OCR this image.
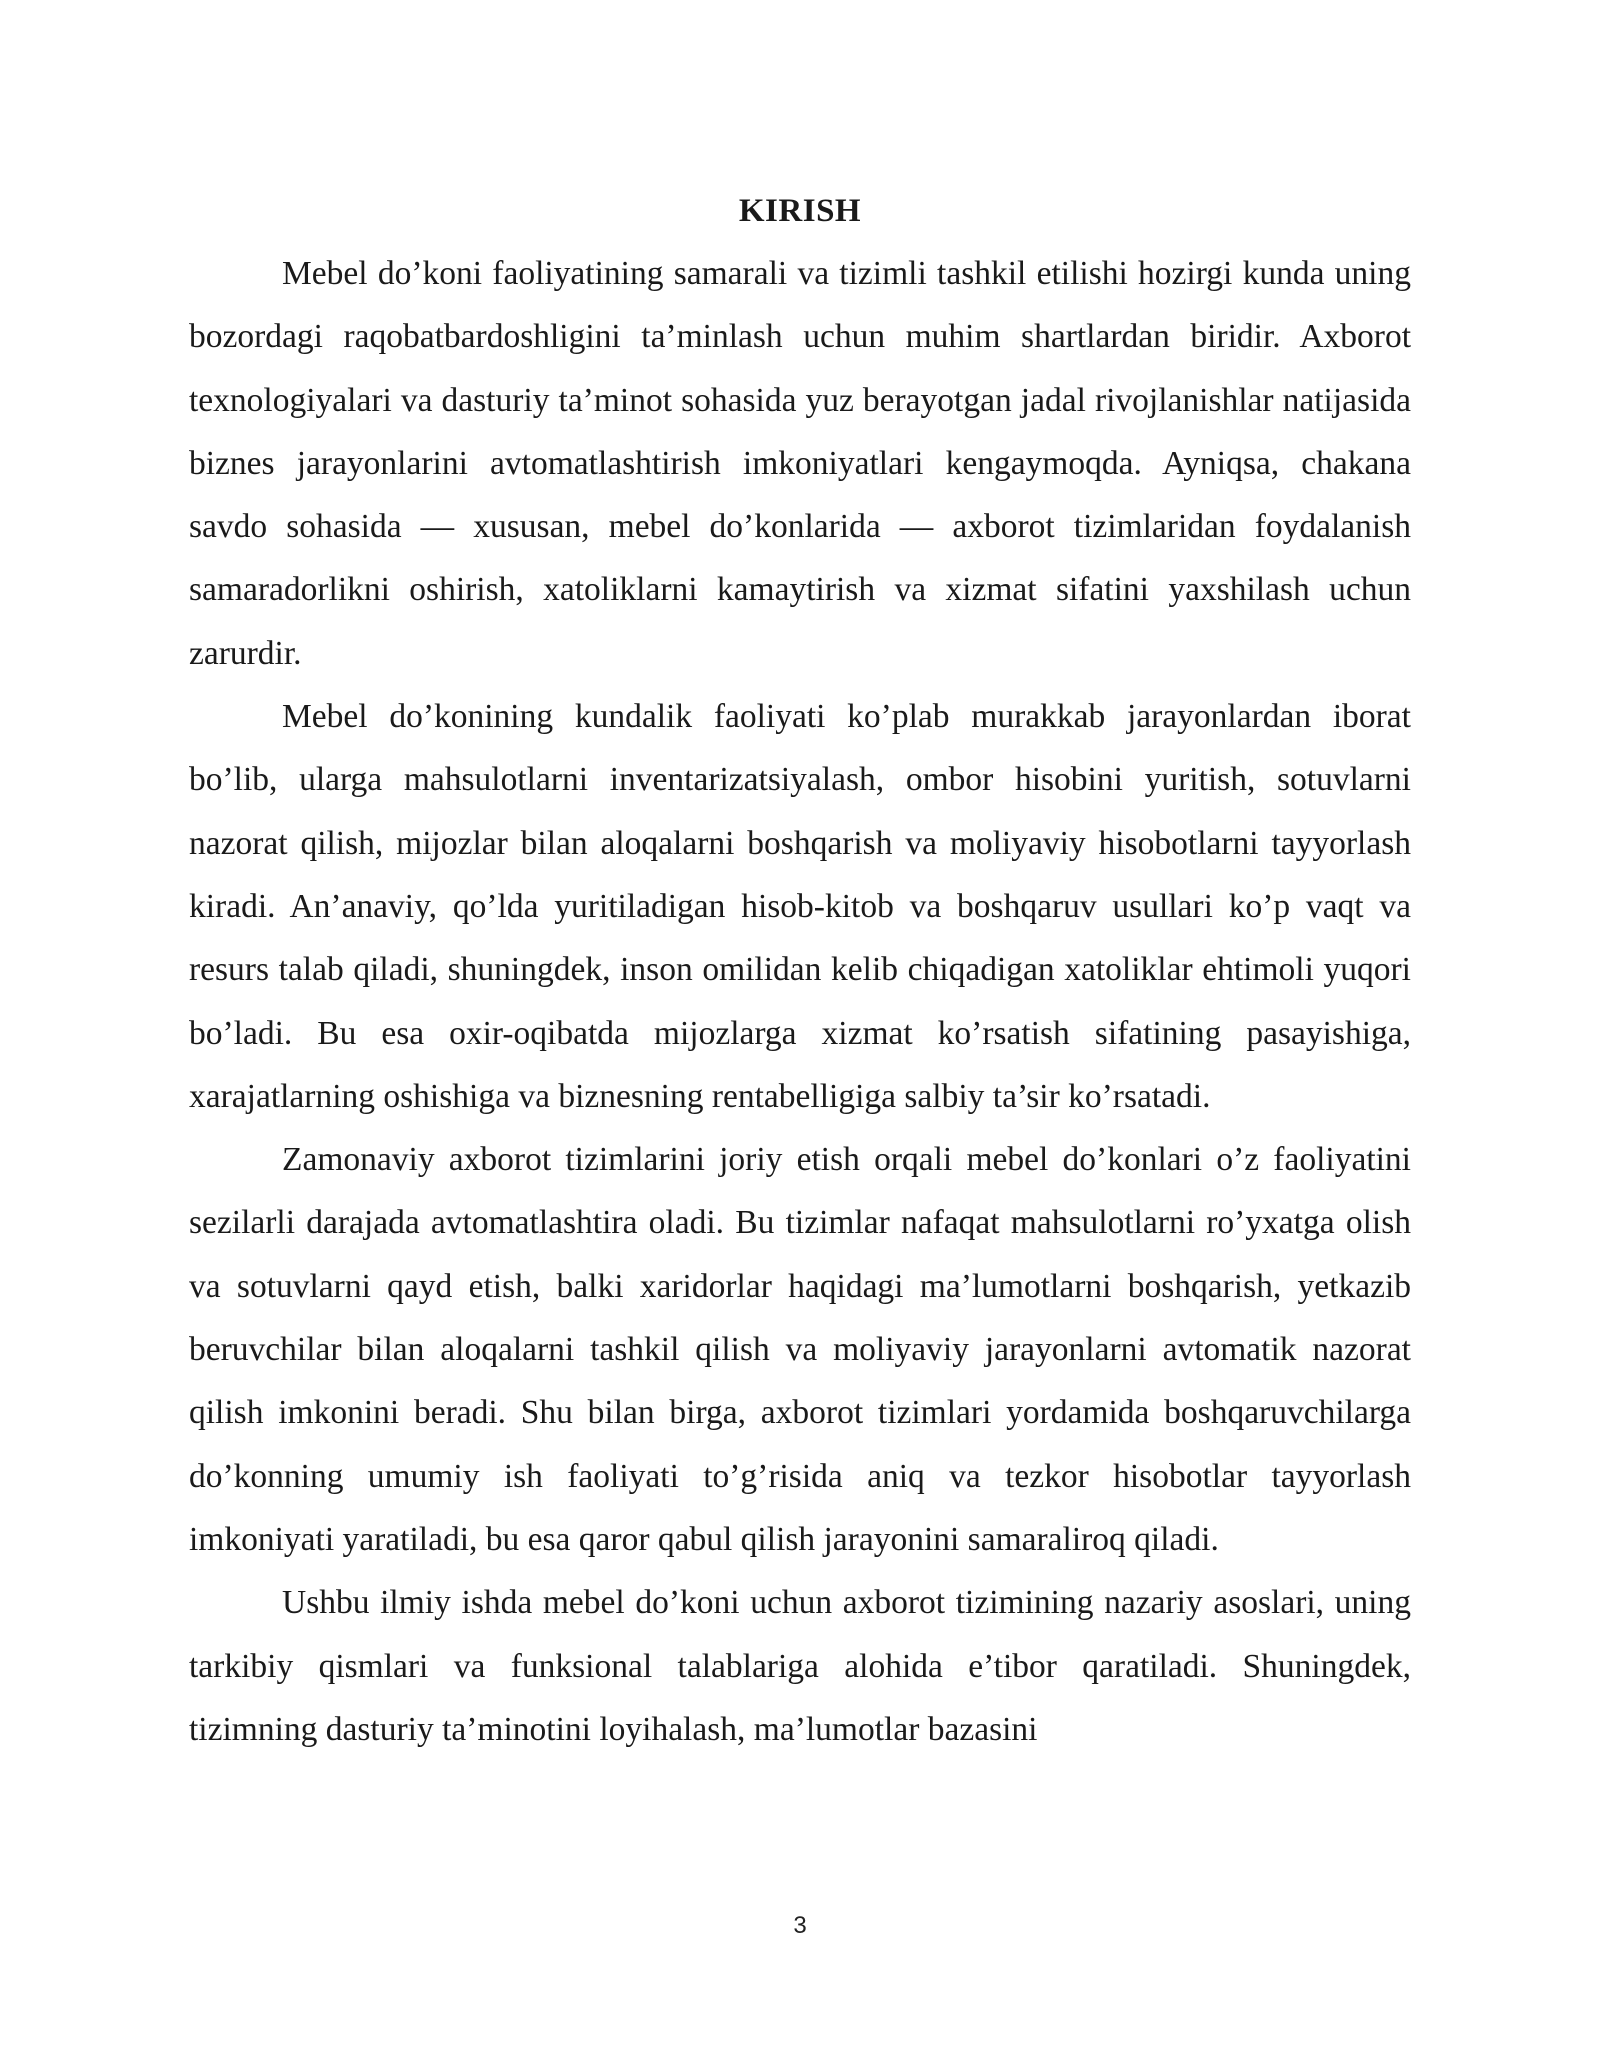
KIRISH

Mebel do’koni faoliyatining samarali va tizimli tashkil etilishi hozirgi kunda uning bozordagi raqobatbardoshligini ta’minlash uchun muhim shartlardan biridir. Axborot texnologiyalari va dasturiy ta’minot sohasida yuz berayotgan jadal rivojlanishlar natijasida biznes jarayonlarini avtomatlashtirish imkoniyatlari kengaymoqda. Ayniqsa, chakana savdo sohasida — xususan, mebel do’konlarida — axborot tizimlaridan foydalanish samaradorlikni oshirish, xatoliklarni kamaytirish va xizmat sifatini yaxshilash uchun zarurdir.

Mebel do’konining kundalik faoliyati ko’plab murakkab jarayonlardan iborat bo’lib, ularga mahsulotlarni inventarizatsiyalash, ombor hisobini yuritish, sotuvlarni nazorat qilish, mijozlar bilan aloqalarni boshqarish va moliyaviy hisobotlarni tayyorlash kiradi. An’anaviy, qo’lda yuritiladigan hisob-kitob va boshqaruv usullari ko’p vaqt va resurs talab qiladi, shuningdek, inson omilidan kelib chiqadigan xatoliklar ehtimoli yuqori bo’ladi. Bu esa oxir-oqibatda mijozlarga xizmat ko’rsatish sifatining pasayishiga, xarajatlarning oshishiga va biznesning rentabelligiga salbiy ta’sir ko’rsatadi.

Zamonaviy axborot tizimlarini joriy etish orqali mebel do’konlari o’z faoliyatini sezilarli darajada avtomatlashtira oladi. Bu tizimlar nafaqat mahsulotlarni ro’yxatga olish va sotuvlarni qayd etish, balki xaridorlar haqidagi ma’lumotlarni boshqarish, yetkazib beruvchilar bilan aloqalarni tashkil qilish va moliyaviy jarayonlarni avtomatik nazorat qilish imkonini beradi. Shu bilan birga, axborot tizimlari yordamida boshqaruvchilarga do’konning umumiy ish faoliyati to’g’risida aniq va tezkor hisobotlar tayyorlash imkoniyati yaratiladi, bu esa qaror qabul qilish jarayonini samaraliroq qiladi.

Ushbu ilmiy ishda mebel do’koni uchun axborot tizimining nazariy asoslari, uning tarkibiy qismlari va funksional talablariga alohida e’tibor qaratiladi. Shuningdek, tizimning dasturiy ta’minotini loyihalash, ma’lumotlar bazasini

3
